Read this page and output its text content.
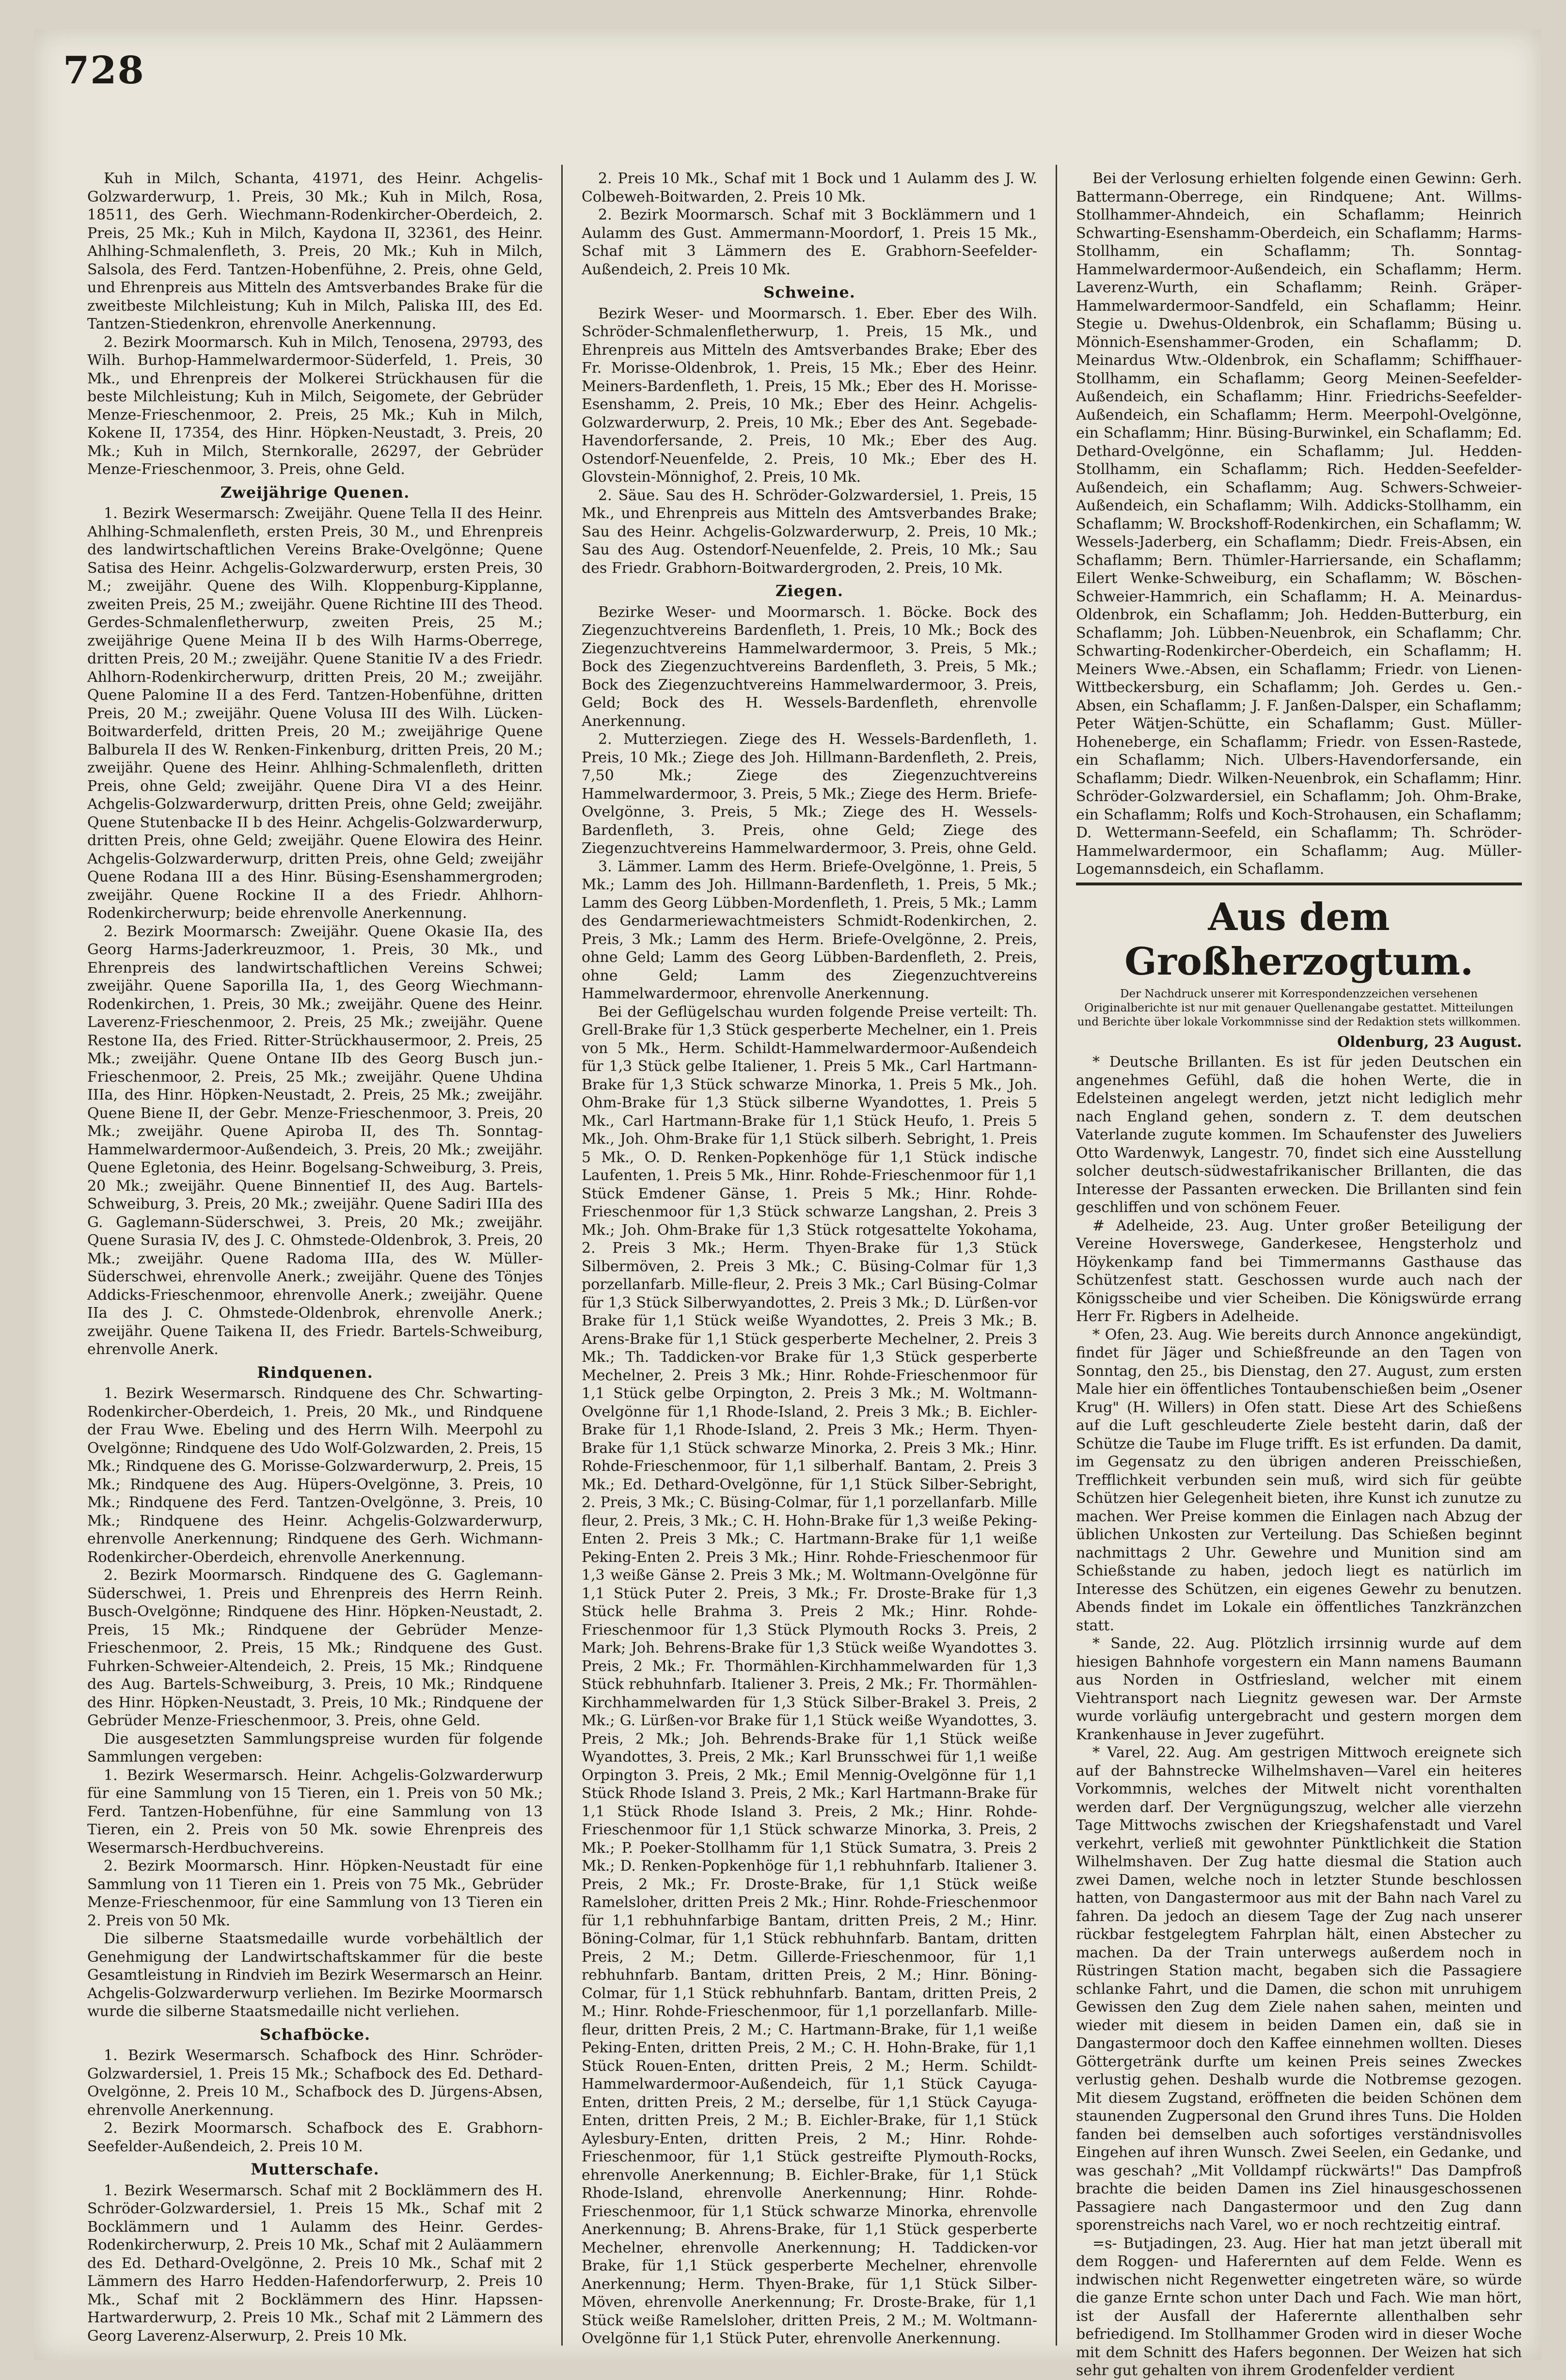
728

Kuh in Milch, Schanta, 41971, des Heinr. Achgelis-Golzwarderwurp, 1. Preis, 30 Mk.; Kuh in Milch, Rosa, 18511, des Gerh. Wiechmann-Rodenkircher-Oberdeich, 2. Preis, 25 Mk.; Kuh in Milch, Kaydona II, 32361, des Heinr. Ahlhing-Schmalenfleth, 3. Preis, 20 Mk.; Kuh in Milch, Salsola, des Ferd. Tantzen-Hobenfühne, 2. Preis, ohne Geld, und Ehrenpreis aus Mitteln des Amtsverbandes Brake für die zweitbeste Milchleistung; Kuh in Milch, Paliska III, des Ed. Tantzen-Stiedenkron, ehrenvolle Anerkennung.

2. Bezirk Moormarsch. Kuh in Milch, Tenosena, 29793, des Wilh. Burhop-Hammelwardermoor-Süderfeld, 1. Preis, 30 Mk., und Ehrenpreis der Molkerei Strückhausen für die beste Milchleistung; Kuh in Milch, Seigomete, der Gebrüder Menze-Frieschenmoor, 2. Preis, 25 Mk.; Kuh in Milch, Kokene II, 17354, des Hinr. Höpken-Neustadt, 3. Preis, 20 Mk.; Kuh in Milch, Sternkoralle, 26297, der Gebrüder Menze-Frieschenmoor, 3. Preis, ohne Geld.

Zweijährige Quenen.

1. Bezirk Wesermarsch: Zweijähr. Quene Tella II des Heinr. Ahlhing-Schmalenfleth, ersten Preis, 30 M., und Ehrenpreis des landwirtschaftlichen Vereins Brake-Ovelgönne; Quene Satisa des Heinr. Achgelis-Golzwarderwurp, ersten Preis, 30 M.; zweijähr. Quene des Wilh. Kloppenburg-Kipplanne, zweiten Preis, 25 M.; zweijähr. Quene Richtine III des Theod. Gerdes-Schmalenfletherwurp, zweiten Preis, 25 M.; zweijährige Quene Meina II b des Wilh Harms-Oberrege, dritten Preis, 20 M.; zweijähr. Quene Stanitie IV a des Friedr. Ahlhorn-Rodenkircherwurp, dritten Preis, 20 M.; zweijähr. Quene Palomine II a des Ferd. Tantzen-Hobenfühne, dritten Preis, 20 M.; zweijähr. Quene Volusa III des Wilh. Lücken-Boitwarderfeld, dritten Preis, 20 M.; zweijährige Quene Balburela II des W. Renken-Finkenburg, dritten Preis, 20 M.; zweijähr. Quene des Heinr. Ahlhing-Schmalenfleth, dritten Preis, ohne Geld; zweijähr. Quene Dira VI a des Heinr. Achgelis-Golzwarderwurp, dritten Preis, ohne Geld; zweijähr. Quene Stutenbacke II b des Heinr. Achgelis-Golzwarderwurp, dritten Preis, ohne Geld; zweijähr. Quene Elowira des Heinr. Achgelis-Golzwarderwurp, dritten Preis, ohne Geld; zweijähr Quene Rodana III a des Hinr. Büsing-Esenshammergroden; zweijähr. Quene Rockine II a des Friedr. Ahlhorn-Rodenkircherwurp; beide ehrenvolle Anerkennung.

2. Bezirk Moormarsch: Zweijähr. Quene Okasie IIa, des Georg Harms-Jaderkreuzmoor, 1. Preis, 30 Mk., und Ehrenpreis des landwirtschaftlichen Vereins Schwei; zweijähr. Quene Saporilla IIa, 1, des Georg Wiechmann-Rodenkirchen, 1. Preis, 30 Mk.; zweijähr. Quene des Heinr. Laverenz-Frieschenmoor, 2. Preis, 25 Mk.; zweijähr. Quene Restone IIa, des Fried. Ritter-Strückhausermoor, 2. Preis, 25 Mk.; zweijähr. Quene Ontane IIb des Georg Busch jun.-Frieschenmoor, 2. Preis, 25 Mk.; zweijähr. Quene Uhdina IIIa, des Hinr. Höpken-Neustadt, 2. Preis, 25 Mk.; zweijähr. Quene Biene II, der Gebr. Menze-Frieschenmoor, 3. Preis, 20 Mk.; zweijähr. Quene Apiroba II, des Th. Sonntag-Hammelwardermoor-Außendeich, 3. Preis, 20 Mk.; zweijähr. Quene Egletonia, des Heinr. Bogelsang-Schweiburg, 3. Preis, 20 Mk.; zweijähr. Quene Binnentief II, des Aug. Bartels-Schweiburg, 3. Preis, 20 Mk.; zweijähr. Quene Sadiri IIIa des G. Gaglemann-Süderschwei, 3. Preis, 20 Mk.; zweijähr. Quene Surasia IV, des J. C. Ohmstede-Oldenbrok, 3. Preis, 20 Mk.; zweijähr. Quene Radoma IIIa, des W. Müller-Süderschwei, ehrenvolle Anerk.; zweijähr. Quene des Tönjes Addicks-Frieschenmoor, ehrenvolle Anerk.; zweijähr. Quene IIa des J. C. Ohmstede-Oldenbrok, ehrenvolle Anerk.; zweijähr. Quene Taikena II, des Friedr. Bartels-Schweiburg, ehrenvolle Anerk.

Rindquenen.

1. Bezirk Wesermarsch. Rindquene des Chr. Schwarting-Rodenkircher-Oberdeich, 1. Preis, 20 Mk., und Rindquene der Frau Wwe. Ebeling und des Herrn Wilh. Meerpohl zu Ovelgönne; Rindquene des Udo Wolf-Golzwarden, 2. Preis, 15 Mk.; Rindquene des G. Morisse-Golzwarderwurp, 2. Preis, 15 Mk.; Rindquene des Aug. Hüpers-Ovelgönne, 3. Preis, 10 Mk.; Rindquene des Ferd. Tantzen-Ovelgönne, 3. Preis, 10 Mk.; Rindquene des Heinr. Achgelis-Golzwarderwurp, ehrenvolle Anerkennung; Rindquene des Gerh. Wichmann-Rodenkircher-Oberdeich, ehrenvolle Anerkennung.

2. Bezirk Moormarsch. Rindquene des G. Gaglemann-Süderschwei, 1. Preis und Ehrenpreis des Herrn Reinh. Busch-Ovelgönne; Rindquene des Hinr. Höpken-Neustadt, 2. Preis, 15 Mk.; Rindquene der Gebrüder Menze-Frieschenmoor, 2. Preis, 15 Mk.; Rindquene des Gust. Fuhrken-Schweier-Altendeich, 2. Preis, 15 Mk.; Rindquene des Aug. Bartels-Schweiburg, 3. Preis, 10 Mk.; Rindquene des Hinr. Höpken-Neustadt, 3. Preis, 10 Mk.; Rindquene der Gebrüder Menze-Frieschenmoor, 3. Preis, ohne Geld.

Die ausgesetzten Sammlungspreise wurden für folgende Sammlungen vergeben:

1. Bezirk Wesermarsch. Heinr. Achgelis-Golzwarderwurp für eine Sammlung von 15 Tieren, ein 1. Preis von 50 Mk.; Ferd. Tantzen-Hobenfühne, für eine Sammlung von 13 Tieren, ein 2. Preis von 50 Mk. sowie Ehrenpreis des Wesermarsch-Herdbuchvereins.

2. Bezirk Moormarsch. Hinr. Höpken-Neustadt für eine Sammlung von 11 Tieren ein 1. Preis von 75 Mk., Gebrüder Menze-Frieschenmoor, für eine Sammlung von 13 Tieren ein 2. Preis von 50 Mk.

Die silberne Staatsmedaille wurde vorbehältlich der Genehmigung der Landwirtschaftskammer für die beste Gesamtleistung in Rindvieh im Bezirk Wesermarsch an Heinr. Achgelis-Golzwarderwurp verliehen. Im Bezirke Moormarsch wurde die silberne Staatsmedaille nicht verliehen.

Schafböcke.

1. Bezirk Wesermarsch. Schafbock des Hinr. Schröder-Golzwardersiel, 1. Preis 15 Mk.; Schafbock des Ed. Dethard-Ovelgönne, 2. Preis 10 M., Schafbock des D. Jürgens-Absen, ehrenvolle Anerkennung.

2. Bezirk Moormarsch. Schafbock des E. Grabhorn-Seefelder-Außendeich, 2. Preis 10 M.

Mutterschafe.

1. Bezirk Wesermarsch. Schaf mit 2 Bocklämmern des H. Schröder-Golzwardersiel, 1. Preis 15 Mk., Schaf mit 2 Bocklämmern und 1 Aulamm des Heinr. Gerdes-Rodenkircherwurp, 2. Preis 10 Mk., Schaf mit 2 Auläammern des Ed. Dethard-Ovelgönne, 2. Preis 10 Mk., Schaf mit 2 Lämmern des Harro Hedden-Hafendorferwurp, 2. Preis 10 Mk., Schaf mit 2 Bocklämmern des Hinr. Hapssen-Hartwarderwurp, 2. Preis 10 Mk., Schaf mit 2 Lämmern des Georg Laverenz-Alserwurp, 2. Preis 10 Mk.

2. Preis 10 Mk., Schaf mit 1 Bock und 1 Aulamm des J. W. Colbeweh-Boitwarden, 2. Preis 10 Mk.

2. Bezirk Moormarsch. Schaf mit 3 Bocklämmern und 1 Aulamm des Gust. Ammermann-Moordorf, 1. Preis 15 Mk., Schaf mit 3 Lämmern des E. Grabhorn-Seefelder-Außendeich, 2. Preis 10 Mk.

Schweine.

Bezirk Weser- und Moormarsch. 1. Eber. Eber des Wilh. Schröder-Schmalenfletherwurp, 1. Preis, 15 Mk., und Ehrenpreis aus Mitteln des Amtsverbandes Brake; Eber des Fr. Morisse-Oldenbrok, 1. Preis, 15 Mk.; Eber des Heinr. Meiners-Bardenfleth, 1. Preis, 15 Mk.; Eber des H. Morisse-Esenshamm, 2. Preis, 10 Mk.; Eber des Heinr. Achgelis-Golzwarderwurp, 2. Preis, 10 Mk.; Eber des Ant. Segebade-Havendorfersande, 2. Preis, 10 Mk.; Eber des Aug. Ostendorf-Neuenfelde, 2. Preis, 10 Mk.; Eber des H. Glovstein-Mönnighof, 2. Preis, 10 Mk.

2. Säue. Sau des H. Schröder-Golzwardersiel, 1. Preis, 15 Mk., und Ehrenpreis aus Mitteln des Amtsverbandes Brake; Sau des Heinr. Achgelis-Golzwarderwurp, 2. Preis, 10 Mk.; Sau des Aug. Ostendorf-Neuenfelde, 2. Preis, 10 Mk.; Sau des Friedr. Grabhorn-Boitwardergroden, 2. Preis, 10 Mk.

Ziegen.

Bezirke Weser- und Moormarsch. 1. Böcke. Bock des Ziegenzuchtvereins Bardenfleth, 1. Preis, 10 Mk.; Bock des Ziegenzuchtvereins Hammelwardermoor, 3. Preis, 5 Mk.; Bock des Ziegenzuchtvereins Bardenfleth, 3. Preis, 5 Mk.; Bock des Ziegenzuchtvereins Hammelwardermoor, 3. Preis, Geld; Bock des H. Wessels-Bardenfleth, ehrenvolle Anerkennung.

2. Mutterziegen. Ziege des H. Wessels-Bardenfleth, 1. Preis, 10 Mk.; Ziege des Joh. Hillmann-Bardenfleth, 2. Preis, 7,50 Mk.; Ziege des Ziegenzuchtvereins Hammelwardermoor, 3. Preis, 5 Mk.; Ziege des Herm. Briefe-Ovelgönne, 3. Preis, 5 Mk.; Ziege des H. Wessels-Bardenfleth, 3. Preis, ohne Geld; Ziege des Ziegenzuchtvereins Hammelwardermoor, 3. Preis, ohne Geld.

3. Lämmer. Lamm des Herm. Briefe-Ovelgönne, 1. Preis, 5 Mk.; Lamm des Joh. Hillmann-Bardenfleth, 1. Preis, 5 Mk.; Lamm des Georg Lübben-Mordenfleth, 1. Preis, 5 Mk.; Lamm des Gendarmeriewachtmeisters Schmidt-Rodenkirchen, 2. Preis, 3 Mk.; Lamm des Herm. Briefe-Ovelgönne, 2. Preis, ohne Geld; Lamm des Georg Lübben-Bardenfleth, 2. Preis, ohne Geld; Lamm des Ziegenzuchtvereins Hammelwardermoor, ehrenvolle Anerkennung.

Bei der Geflügelschau wurden folgende Preise verteilt: Th. Grell-Brake für 1,3 Stück gesperberte Mechelner, ein 1. Preis von 5 Mk., Herm. Schildt-Hammelwardermoor-Außendeich für 1,3 Stück gelbe Italiener, 1. Preis 5 Mk., Carl Hartmann-Brake für 1,3 Stück schwarze Minorka, 1. Preis 5 Mk., Joh. Ohm-Brake für 1,3 Stück silberne Wyandottes, 1. Preis 5 Mk., Carl Hartmann-Brake für 1,1 Stück Heufo, 1. Preis 5 Mk., Joh. Ohm-Brake für 1,1 Stück silberh. Sebright, 1. Preis 5 Mk., O. D. Renken-Popkenhöge für 1,1 Stück indische Laufenten, 1. Preis 5 Mk., Hinr. Rohde-Frieschenmoor für 1,1 Stück Emdener Gänse, 1. Preis 5 Mk.; Hinr. Rohde-Frieschenmoor für 1,3 Stück schwarze Langshan, 2. Preis 3 Mk.; Joh. Ohm-Brake für 1,3 Stück rotgesattelte Yokohama, 2. Preis 3 Mk.; Herm. Thyen-Brake für 1,3 Stück Silbermöven, 2. Preis 3 Mk.; C. Büsing-Colmar für 1,3 porzellanfarb. Mille-fleur, 2. Preis 3 Mk.; Carl Büsing-Colmar für 1,3 Stück Silberwyandottes, 2. Preis 3 Mk.; D. Lürßen-vor Brake für 1,1 Stück weiße Wyandottes, 2. Preis 3 Mk.; B. Arens-Brake für 1,1 Stück gesperberte Mechelner, 2. Preis 3 Mk.; Th. Taddicken-vor Brake für 1,3 Stück gesperberte Mechelner, 2. Preis 3 Mk.; Hinr. Rohde-Frieschenmoor für 1,1 Stück gelbe Orpington, 2. Preis 3 Mk.; M. Woltmann-Ovelgönne für 1,1 Rhode-Island, 2. Preis 3 Mk.; B. Eichler-Brake für 1,1 Rhode-Island, 2. Preis 3 Mk.; Herm. Thyen-Brake für 1,1 Stück schwarze Minorka, 2. Preis 3 Mk.; Hinr. Rohde-Frieschenmoor, für 1,1 silberhalf. Bantam, 2. Preis 3 Mk.; Ed. Dethard-Ovelgönne, für 1,1 Stück Silber-Sebright, 2. Preis, 3 Mk.; C. Büsing-Colmar, für 1,1 porzellanfarb. Mille fleur, 2. Preis, 3 Mk.; C. H. Hohn-Brake für 1,3 weiße Peking-Enten 2. Preis 3 Mk.; C. Hartmann-Brake für 1,1 weiße Peking-Enten 2. Preis 3 Mk.; Hinr. Rohde-Frieschenmoor für 1,3 weiße Gänse 2. Preis 3 Mk.; M. Woltmann-Ovelgönne für 1,1 Stück Puter 2. Preis, 3 Mk.; Fr. Droste-Brake für 1,3 Stück helle Brahma 3. Preis 2 Mk.; Hinr. Rohde-Frieschenmoor für 1,3 Stück Plymouth Rocks 3. Preis, 2 Mark; Joh. Behrens-Brake für 1,3 Stück weiße Wyandottes 3. Preis, 2 Mk.; Fr. Thormählen-Kirchhammelwarden für 1,3 Stück rebhuhnfarb. Italiener 3. Preis, 2 Mk.; Fr. Thormählen-Kirchhammelwarden für 1,3 Stück Silber-Brakel 3. Preis, 2 Mk.; G. Lürßen-vor Brake für 1,1 Stück weiße Wyandottes, 3. Preis, 2 Mk.; Joh. Behrends-Brake für 1,1 Stück weiße Wyandottes, 3. Preis, 2 Mk.; Karl Brunsschwei für 1,1 weiße Orpington 3. Preis, 2 Mk.; Emil Mennig-Ovelgönne für 1,1 Stück Rhode Island 3. Preis, 2 Mk.; Karl Hartmann-Brake für 1,1 Stück Rhode Island 3. Preis, 2 Mk.; Hinr. Rohde-Frieschenmoor für 1,1 Stück schwarze Minorka, 3. Preis, 2 Mk.; P. Poeker-Stollhamm für 1,1 Stück Sumatra, 3. Preis 2 Mk.; D. Renken-Popkenhöge für 1,1 rebhuhnfarb. Italiener 3. Preis, 2 Mk.; Fr. Droste-Brake, für 1,1 Stück weiße Ramelsloher, dritten Preis 2 Mk.; Hinr. Rohde-Frieschenmoor für 1,1 rebhuhnfarbige Bantam, dritten Preis, 2 M.; Hinr. Böning-Colmar, für 1,1 Stück rebhuhnfarb. Bantam, dritten Preis, 2 M.; Detm. Gillerde-Frieschenmoor, für 1,1 rebhuhnfarb. Bantam, dritten Preis, 2 M.; Hinr. Böning-Colmar, für 1,1 Stück rebhuhnfarb. Bantam, dritten Preis, 2 M.; Hinr. Rohde-Frieschenmoor, für 1,1 porzellanfarb. Mille-fleur, dritten Preis, 2 M.; C. Hartmann-Brake, für 1,1 weiße Peking-Enten, dritten Preis, 2 M.; C. H. Hohn-Brake, für 1,1 Stück Rouen-Enten, dritten Preis, 2 M.; Herm. Schildt-Hammelwardermoor-Außendeich, für 1,1 Stück Cayuga-Enten, dritten Preis, 2 M.; derselbe, für 1,1 Stück Cayuga-Enten, dritten Preis, 2 M.; B. Eichler-Brake, für 1,1 Stück Aylesbury-Enten, dritten Preis, 2 M.; Hinr. Rohde-Frieschenmoor, für 1,1 Stück gestreifte Plymouth-Rocks, ehrenvolle Anerkennung; B. Eichler-Brake, für 1,1 Stück Rhode-Island, ehrenvolle Anerkennung; Hinr. Rohde-Frieschenmoor, für 1,1 Stück schwarze Minorka, ehrenvolle Anerkennung; B. Ahrens-Brake, für 1,1 Stück gesperberte Mechelner, ehrenvolle Anerkennung; H. Taddicken-vor Brake, für 1,1 Stück gesperberte Mechelner, ehrenvolle Anerkennung; Herm. Thyen-Brake, für 1,1 Stück Silber-Möven, ehrenvolle Anerkennung; Fr. Droste-Brake, für 1,1 Stück weiße Ramelsloher, dritten Preis, 2 M.; M. Woltmann-Ovelgönne für 1,1 Stück Puter, ehrenvolle Anerkennung.

Bei der Verlosung erhielten folgende einen Gewinn: Gerh. Battermann-Oberrege, ein Rindquene; Ant. Willms-Stollhammer-Ahndeich, ein Schaflamm; Heinrich Schwarting-Esenshamm-Oberdeich, ein Schaflamm; Harms-Stollhamm, ein Schaflamm; Th. Sonntag-Hammelwardermoor-Außendeich, ein Schaflamm; Herm. Laverenz-Wurth, ein Schaflamm; Reinh. Gräper-Hammelwardermoor-Sandfeld, ein Schaflamm; Heinr. Stegie u. Dwehus-Oldenbrok, ein Schaflamm; Büsing u. Mönnich-Esenshammer-Groden, ein Schaflamm; D. Meinardus Wtw.-Oldenbrok, ein Schaflamm; Schiffhauer-Stollhamm, ein Schaflamm; Georg Meinen-Seefelder-Außendeich, ein Schaflamm; Hinr. Friedrichs-Seefelder-Außendeich, ein Schaflamm; Herm. Meerpohl-Ovelgönne, ein Schaflamm; Hinr. Büsing-Burwinkel, ein Schaflamm; Ed. Dethard-Ovelgönne, ein Schaflamm; Jul. Hedden-Stollhamm, ein Schaflamm; Rich. Hedden-Seefelder-Außendeich, ein Schaflamm; Aug. Schwers-Schweier-Außendeich, ein Schaflamm; Wilh. Addicks-Stollhamm, ein Schaflamm; W. Brockshoff-Rodenkirchen, ein Schaflamm; W. Wessels-Jaderberg, ein Schaflamm; Diedr. Freis-Absen, ein Schaflamm; Bern. Thümler-Harriersande, ein Schaflamm; Eilert Wenke-Schweiburg, ein Schaflamm; W. Böschen-Schweier-Hammrich, ein Schaflamm; H. A. Meinardus-Oldenbrok, ein Schaflamm; Joh. Hedden-Butterburg, ein Schaflamm; Joh. Lübben-Neuenbrok, ein Schaflamm; Chr. Schwarting-Rodenkircher-Oberdeich, ein Schaflamm; H. Meiners Wwe.-Absen, ein Schaflamm; Friedr. von Lienen-Wittbeckersburg, ein Schaflamm; Joh. Gerdes u. Gen.-Absen, ein Schaflamm; J. F. Janßen-Dalsper, ein Schaflamm; Peter Wätjen-Schütte, ein Schaflamm; Gust. Müller-Hoheneberge, ein Schaflamm; Friedr. von Essen-Rastede, ein Schaflamm; Nich. Ulbers-Havendorfersande, ein Schaflamm; Diedr. Wilken-Neuenbrok, ein Schaflamm; Hinr. Schröder-Golzwardersiel, ein Schaflamm; Joh. Ohm-Brake, ein Schaflamm; Rolfs und Koch-Strohausen, ein Schaflamm; D. Wettermann-Seefeld, ein Schaflamm; Th. Schröder-Hammelwardermoor, ein Schaflamm; Aug. Müller-Logemannsdeich, ein Schaflamm.

Aus dem Großherzogtum.
Der Nachdruck unserer mit Korrespondenzzeichen versehenen Originalberichte ist nur mit genauer Quellenangabe gestattet. Mitteilungen und Berichte über lokale Vorkommnisse sind der Redaktion stets willkommen.
Oldenburg, 23 August.

* Deutsche Brillanten. Es ist für jeden Deutschen ein angenehmes Gefühl, daß die hohen Werte, die in Edelsteinen angelegt werden, jetzt nicht lediglich mehr nach England gehen, sondern z. T. dem deutschen Vaterlande zugute kommen. Im Schaufenster des Juweliers Otto Wardenwyk, Langestr. 70, findet sich eine Ausstellung solcher deutsch-südwestafrikanischer Brillanten, die das Interesse der Passanten erwecken. Die Brillanten sind fein geschliffen und von schönem Feuer.

# Adelheide, 23. Aug. Unter großer Beteiligung der Vereine Hoverswege, Ganderkesee, Hengsterholz und Höykenkamp fand bei Timmermanns Gasthause das Schützenfest statt. Geschossen wurde auch nach der Königsscheibe und vier Scheiben. Die Königswürde errang Herr Fr. Rigbers in Adelheide.

* Ofen, 23. Aug. Wie bereits durch Annonce angekündigt, findet für Jäger und Schießfreunde an den Tagen von Sonntag, den 25., bis Dienstag, den 27. August, zum ersten Male hier ein öffentliches Tontaubenschießen beim „Osener Krug" (H. Willers) in Ofen statt. Diese Art des Schießens auf die Luft geschleuderte Ziele besteht darin, daß der Schütze die Taube im Fluge trifft. Es ist erfunden. Da damit, im Gegensatz zu den übrigen anderen Preisschießen, Trefflichkeit verbunden sein muß, wird sich für geübte Schützen hier Gelegenheit bieten, ihre Kunst ich zunutze zu machen. Wer Preise kommen die Einlagen nach Abzug der üblichen Unkosten zur Verteilung. Das Schießen beginnt nachmittags 2 Uhr. Gewehre und Munition sind am Schießstande zu haben, jedoch liegt es natürlich im Interesse des Schützen, ein eigenes Gewehr zu benutzen. Abends findet im Lokale ein öffentliches Tanzkränzchen statt.

* Sande, 22. Aug. Plötzlich irrsinnig wurde auf dem hiesigen Bahnhofe vorgestern ein Mann namens Baumann aus Norden in Ostfriesland, welcher mit einem Viehtransport nach Liegnitz gewesen war. Der Armste wurde vorläufig untergebracht und gestern morgen dem Krankenhause in Jever zugeführt.

* Varel, 22. Aug. Am gestrigen Mittwoch ereignete sich auf der Bahnstrecke Wilhelmshaven—Varel ein heiteres Vorkommnis, welches der Mitwelt nicht vorenthalten werden darf. Der Vergnügungszug, welcher alle vierzehn Tage Mittwochs zwischen der Kriegshafenstadt und Varel verkehrt, verließ mit gewohnter Pünktlichkeit die Station Wilhelmshaven. Der Zug hatte diesmal die Station auch zwei Damen, welche noch in letzter Stunde beschlossen hatten, von Dangastermoor aus mit der Bahn nach Varel zu fahren. Da jedoch an diesem Tage der Zug nach unserer rückbar festgelegtem Fahrplan hält, einen Abstecher zu machen. Da der Train unterwegs außerdem noch in Rüstringen Station macht, begaben sich die Passagiere schlanke Fahrt, und die Damen, die schon mit unruhigem Gewissen den Zug dem Ziele nahen sahen, meinten und wieder mit diesem in beiden Damen ein, daß sie in Dangastermoor doch den Kaffee einnehmen wollten. Dieses Göttergetränk durfte um keinen Preis seines Zweckes verlustig gehen. Deshalb wurde die Notbremse gezogen. Mit diesem Zugstand, eröffneten die beiden Schönen dem staunenden Zugpersonal den Grund ihres Tuns. Die Holden fanden bei demselben auch sofortiges verständnisvolles Eingehen auf ihren Wunsch. Zwei Seelen, ein Gedanke, und was geschah? „Mit Volldampf rückwärts!" Das Dampfroß brachte die beiden Damen ins Ziel hinausgeschossenen Passagiere nach Dangastermoor und den Zug dann sporenstreichs nach Varel, wo er noch rechtzeitig eintraf.

=s- Butjadingen, 23. Aug. Hier hat man jetzt überall mit dem Roggen- und Haferernten auf dem Felde. Wenn es indwischen nicht Regenwetter eingetreten wäre, so würde die ganze Ernte schon unter Dach und Fach. Wie man hört, ist der Ausfall der Haferernte allenthalben sehr befriedigend. Im Stollhammer Groden wird in dieser Woche mit dem Schnitt des Hafers begonnen. Der Weizen hat sich sehr gut gehalten von ihrem Grodenfelder verdient
